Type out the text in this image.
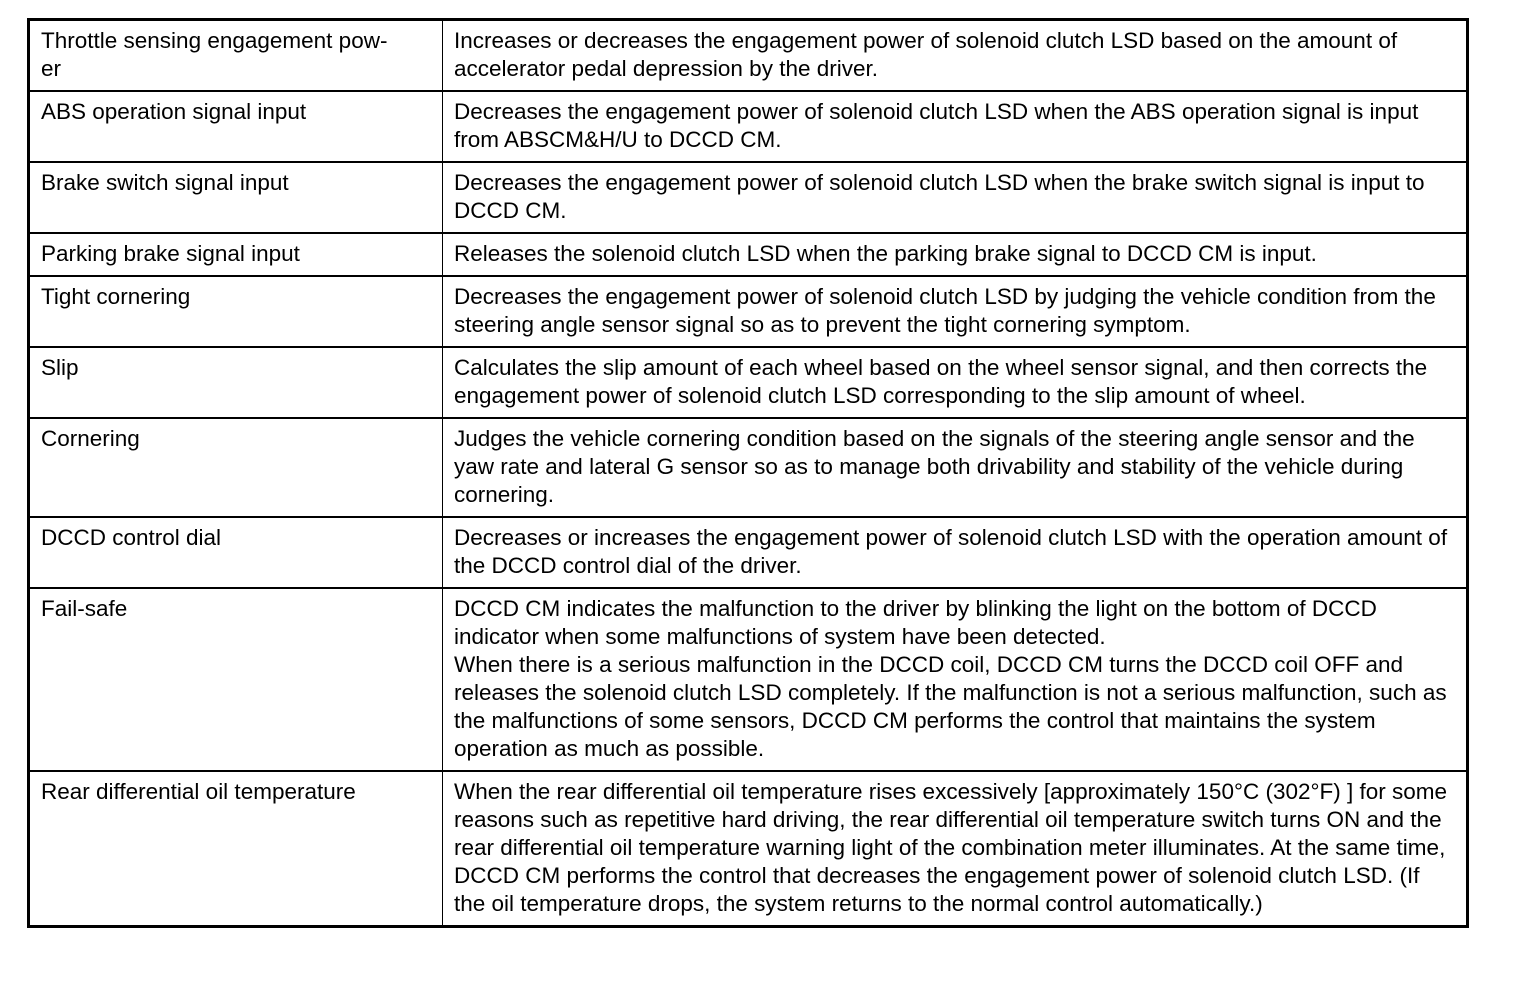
Throttle sensing engagement pow-
er	Increases or decreases the engagement power of solenoid clutch LSD based on the amount of accelerator pedal depression by the driver.

ABS operation signal input	Decreases the engagement power of solenoid clutch LSD when the ABS operation signal is input from ABSCM&H/U to DCCD CM.

Brake switch signal input	Decreases the engagement power of solenoid clutch LSD when the brake switch signal is input to DCCD CM.

Parking brake signal input	Releases the solenoid clutch LSD when the parking brake signal to DCCD CM is input.

Tight cornering	Decreases the engagement power of solenoid clutch LSD by judging the vehicle condition from the steering angle sensor signal so as to prevent the tight cornering symptom.

Slip	Calculates the slip amount of each wheel based on the wheel sensor signal, and then corrects the engagement power of solenoid clutch LSD corresponding to the slip amount of wheel.

Cornering	Judges the vehicle cornering condition based on the signals of the steering angle sensor and the yaw rate and lateral G sensor so as to manage both drivability and stability of the vehicle during cornering.

DCCD control dial	Decreases or increases the engagement power of solenoid clutch LSD with the operation amount of the DCCD control dial of the driver.

Fail-safe	DCCD CM indicates the malfunction to the driver by blinking the light on the bottom of DCCD indicator when some malfunctions of system have been detected.
When there is a serious malfunction in the DCCD coil, DCCD CM turns the DCCD coil OFF and releases the solenoid clutch LSD completely. If the malfunction is not a serious malfunction, such as the malfunctions of some sensors, DCCD CM performs the control that maintains the system operation as much as possible.

Rear differential oil temperature	When the rear differential oil temperature rises excessively [approximately 150°C (302°F) ] for some reasons such as repetitive hard driving, the rear differential oil temperature switch turns ON and the rear differential oil temperature warning light of the combination meter illuminates. At the same time, DCCD CM performs the control that decreases the engagement power of solenoid clutch LSD. (If the oil temperature drops, the system returns to the normal control automatically.)
